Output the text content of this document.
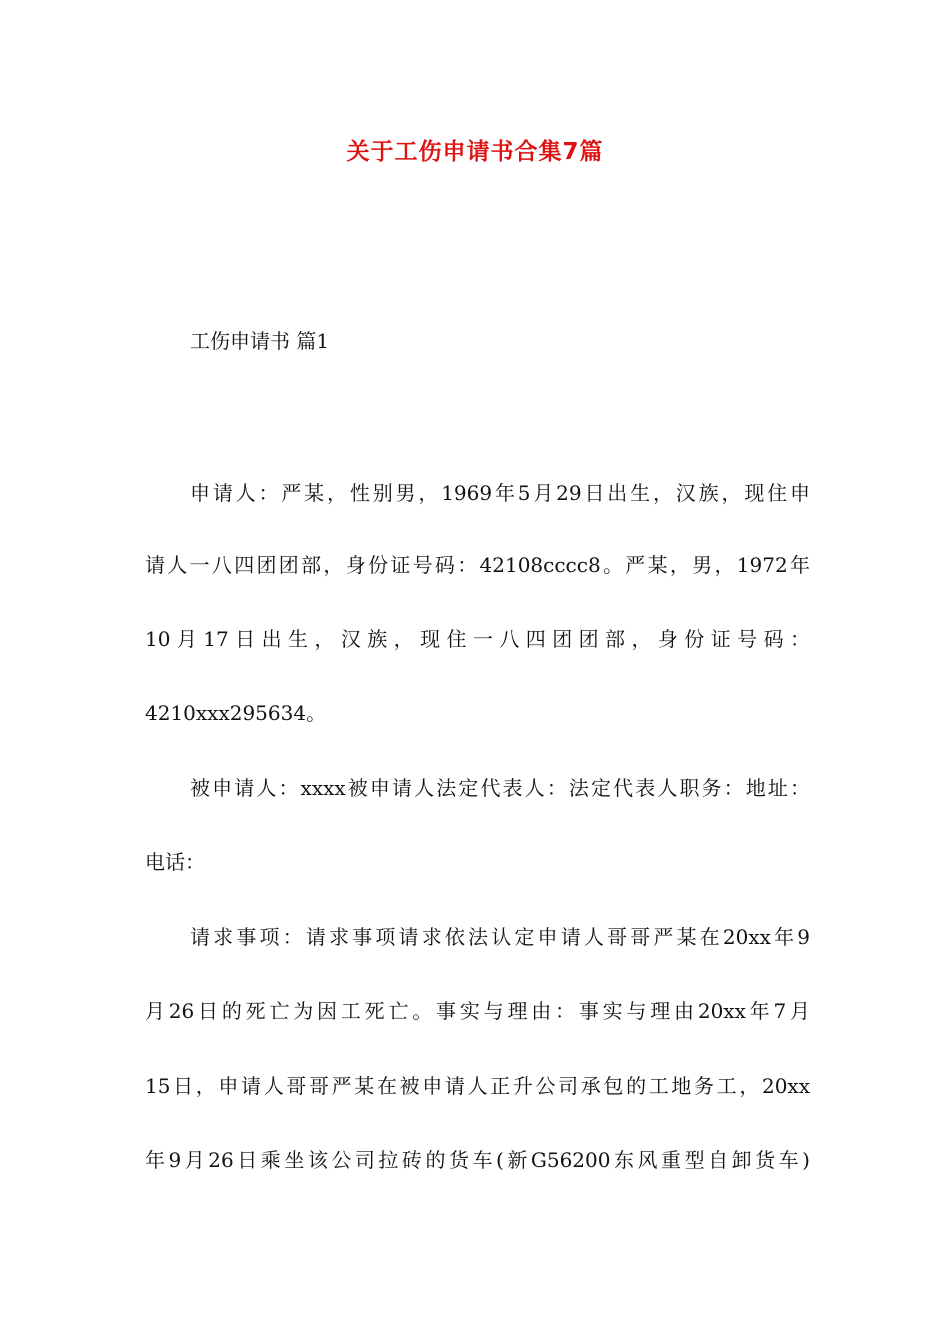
关于工伤申请书合集7篇
工伤申请书 篇1
申请人：严某，性别男，1969年5月29日出生，汉族，现住申
请人一八四团团部，身份证号码：42108cccc8。严某，男，1972年
10月17日出生，汉族，现住一八四团团部，身份证号码：
4210xxx295634。
被申请人：xxxx被申请人法定代表人：法定代表人职务：地址：
电话：
请求事项：请求事项请求依法认定申请人哥哥严某在20xx年9
月26日的死亡为因工死亡。事实与理由：事实与理由20xx年7月
15日，申请人哥哥严某在被申请人正升公司承包的工地务工，20xx
年9月26日乘坐该公司拉砖的货车(新G56200东风重型自卸货车)
